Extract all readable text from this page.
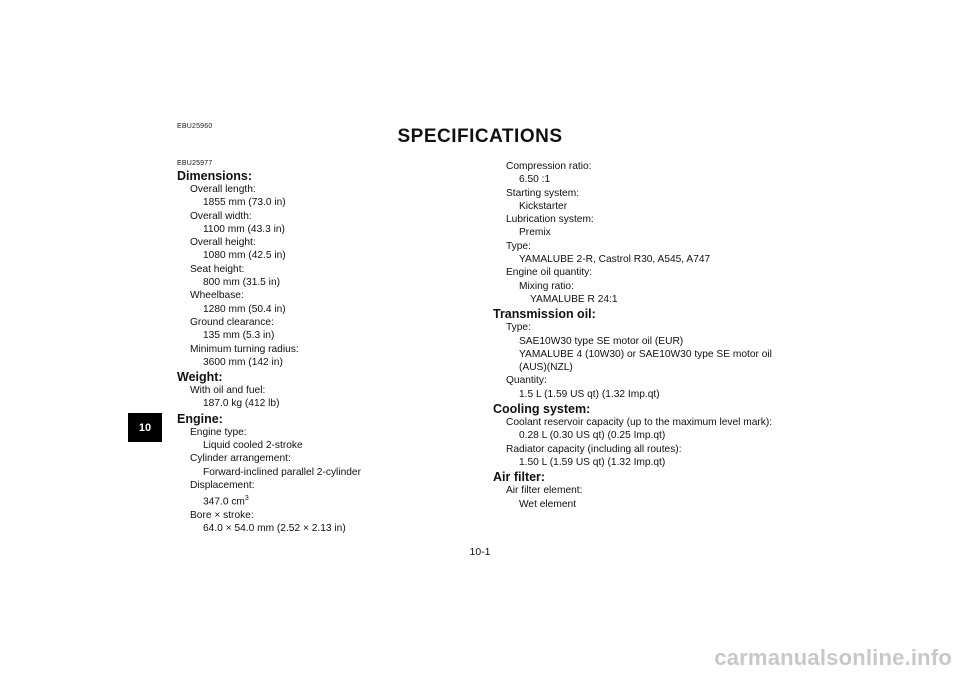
EBU25960	SPECIFICATIONS
10
EBU25977
Dimensions:
Overall length:
1855 mm (73.0 in)
Overall width:
1100 mm (43.3 in)
Overall height:
1080 mm (42.5 in)
Seat height:
800 mm (31.5 in)
Wheelbase:
1280 mm (50.4 in)
Ground clearance:
135 mm (5.3 in)
Minimum turning radius:
3600 mm (142 in)
Weight:
With oil and fuel:
187.0 kg (412 lb)
Engine:
Engine type:
Liquid cooled 2-stroke
Cylinder arrangement:
Forward-inclined parallel 2-cylinder
Displacement:
347.0 $cm^3$
Bore × stroke:
64.0 × 54.0 mm (2.52 × 2.13 in)
Compression ratio:
6.50 :1
Starting system:
Kickstarter
Lubrication system:
Premix
Type:
YAMALUBE 2-R, Castrol R30, A545, A747
Engine oil quantity:
Mixing ratio:
YAMALUBE R 24:1
Transmission oil:
Type:
SAE10W30 type SE motor oil (EUR)
YAMALUBE 4 (10W30) or SAE10W30 type SE motor oil
(AUS)(NZL)
Quantity:
1.5 L (1.59 US qt) (1.32 Imp.qt)
Cooling system:
Coolant reservoir capacity (up to the maximum level mark):
0.28 L (0.30 US qt) (0.25 Imp.qt)
Radiator capacity (including all routes):
1.50 L (1.59 US qt) (1.32 Imp.qt)
Air filter:
Air filter element:
Wet element
10-1
carmanualsonline.info
